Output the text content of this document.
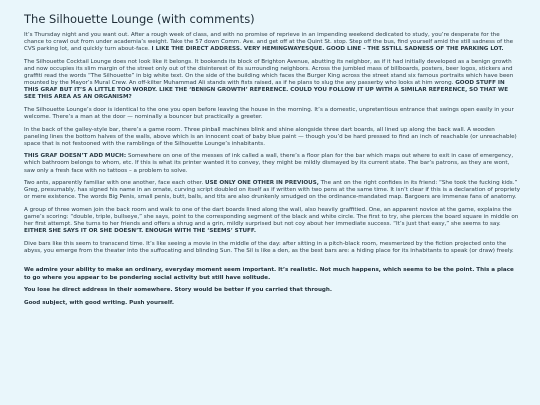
The Silhouette Lounge (with comments)

It’s Thursday night and you want out. After a rough week of class, and with no promise of reprieve in an impending weekend dedicated to study, you’re desperate for the chance to crawl out from under academia’s weight. Take the 57 down Comm. Ave. and get off at the Quint St. stop. Step off the bus, find yourself amid the still sadness of the CVS parking lot, and quickly turn about-face. I LIKE THE DIRECT ADDRESS. VERY HEMINGWAYESQUE. GOOD LINE - THE SSTILL SADNESS OF THE PARKING LOT.

The Silhouette Cocktail Lounge does not look like it belongs. It bookends its block of Brighton Avenue, abutting its neighbor, as if it had initially developed as a benign growth and now occupies its slim margin of the street only out of the disinterest of its surrounding neighbors. Across the jumbled mass of billboards, posters, beer logos, stickers and graffiti read the words “The Silhouette” in big white text. On the side of the building which faces the Burger King across the street stand six famous portraits which have been mounted by the Mayor’s Mural Crew. An off-kilter Muhammad Ali stands with fists raised, as if he plans to slug the any passerby who looks at him wrong. GOOD STUFF IN THIS GRAF BUT IT’S A LITTLE TOO WORDY. LIKE THE ‘BENIGN GROWTH’ REFERENCE. COULD YOU FOLLOW IT UP WITH A SIMILAR REFERENCE, SO THAT WE SEE THIS AREA AS AN ORGANISM?

The Silhouette Lounge’s door is identical to the one you open before leaving the house in the morning. It’s a domestic, unpretentious entrance that swings open easily in your welcome. There’s a man at the door — nominally a bouncer but practically a greeter.

In the back of the galley-style bar, there’s a game room. Three pinball machines blink and shine alongside three dart boards, all lined up along the back wall. A wooden paneling lines the bottom halves of the walls, above which is an innocent coat of baby blue paint — though you’d be hard pressed to find an inch of reachable (or unreachable) space that is not festooned with the ramblings of the Silhouette Lounge’s inhabitants.

THIS GRAF DOESN’T ADD MUCH: Somewhere on one of the messes of ink called a wall, there’s a floor plan for the bar which maps out where to exit in case of emergency, which bathroom belongs to whom, etc. If this is what its printer wanted it to convey, they might be mildly dismayed by its current state. The bar’s patrons, as they are wont, saw only a fresh face with no tattoos – a problem to solve.

Two ants, apparently familiar with one another, face each other. USE ONLY ONE OTHER IN PREVIOUS, The ant on the right confides in its friend: “She took the fucking kids.” Greg, presumably, has signed his name in an ornate, curving script doubled on itself as if written with two pens at the same time. It isn’t clear if this is a declaration of propriety or mere existence. The words Big Penis, small penis, butt, balls, and tits are also drunkenly smudged on the ordinance-mandated map. Bargoers are immense fans of anatomy.

A group of three women join the back room and walk to one of the dart boards lined along the wall, also heavily graffitied. One, an apparent novice at the game, explains the game’s scoring: “double, triple, bullseye,” she says, point to the corresponding segment of the black and white circle. The first to try, she pierces the board square in middle on her first attempt. She turns to her friends and offers a shrug and a grin, mildly surprised but not coy about her immediate success. “It’s just that easy,” she seems to say. EITHER SHE SAYS IT OR SHE DOESN’T. ENOUGH WITH THE ‘SEEMS’ STUFF.

Dive bars like this seem to transcend time. It’s like seeing a movie in the middle of the day: after sitting in a pitch-black room, mesmerized by the fiction projected onto the abyss, you emerge from the theater into the suffocating and blinding Sun. The Sil is like a den, as the best bars are: a hiding place for its inhabitants to speak (or draw) freely.

We admire your ability to make an ordinary, everyday moment seem important. It’s realistic. Not much happens, which seems to be the point. This a place to go where you appear to be pondering social activity but still have solitude.

You lose he direct address in their somewhere. Story would be better if you carried that through.

Good subject, with good writing. Push yourself.
